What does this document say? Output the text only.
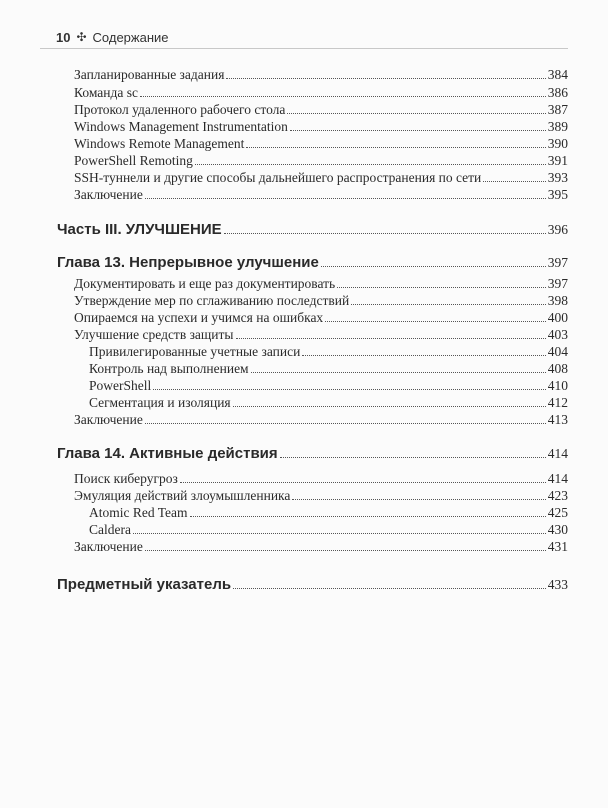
10 ✣ Содержание
Запланированные задания	384
Команда sc	386
Протокол удаленного рабочего стола	387
Windows Management Instrumentation	389
Windows Remote Management	390
PowerShell Remoting	391
SSH-туннели и другие способы дальнейшего распространения по сети	393
Заключение	395
Часть III. УЛУЧШЕНИЕ	396
Глава 13. Непрерывное улучшение	397
Документировать и еще раз документировать	397
Утверждение мер по сглаживанию последствий	398
Опираемся на успехи и учимся на ошибках	400
Улучшение средств защиты	403
Привилегированные учетные записи	404
Контроль над выполнением	408
PowerShell	410
Сегментация и изоляция	412
Заключение	413
Глава 14. Активные действия	414
Поиск киберугроз	414
Эмуляция действий злоумышленника	423
Atomic Red Team	425
Caldera	430
Заключение	431
Предметный указатель	433
